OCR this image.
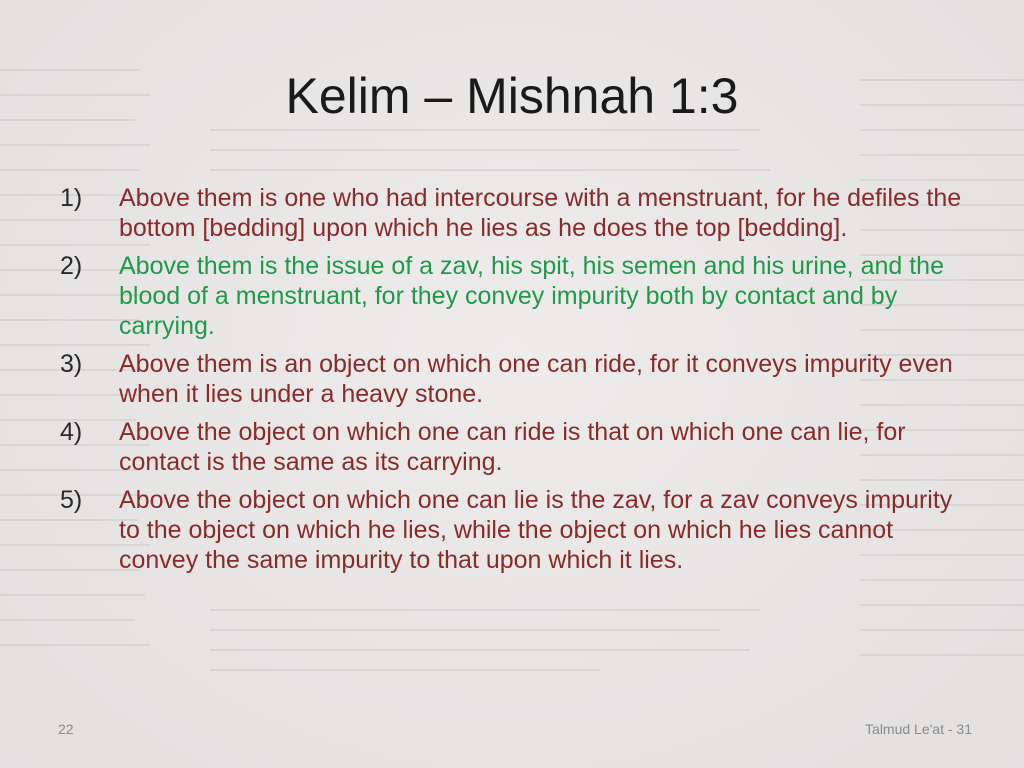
Kelim – Mishnah 1:3
1)	Above them is one who had intercourse with a menstruant, for he defiles the bottom [bedding] upon which he lies as he does the top [bedding].
2)	Above them is the issue of a zav, his spit, his semen and his urine, and the blood of a menstruant, for they convey impurity both by contact and by carrying.
3)	Above them is an object on which one can ride, for it conveys impurity even when it lies under a heavy stone.
4)	Above the object on which one can ride is that on which one can lie, for contact is the same as its carrying.
5)	Above the object on which one can lie is the zav, for a zav conveys impurity to the object on which he lies, while the object on which he lies cannot convey the same impurity to that upon which it lies.
22	Talmud Le'at - 31
